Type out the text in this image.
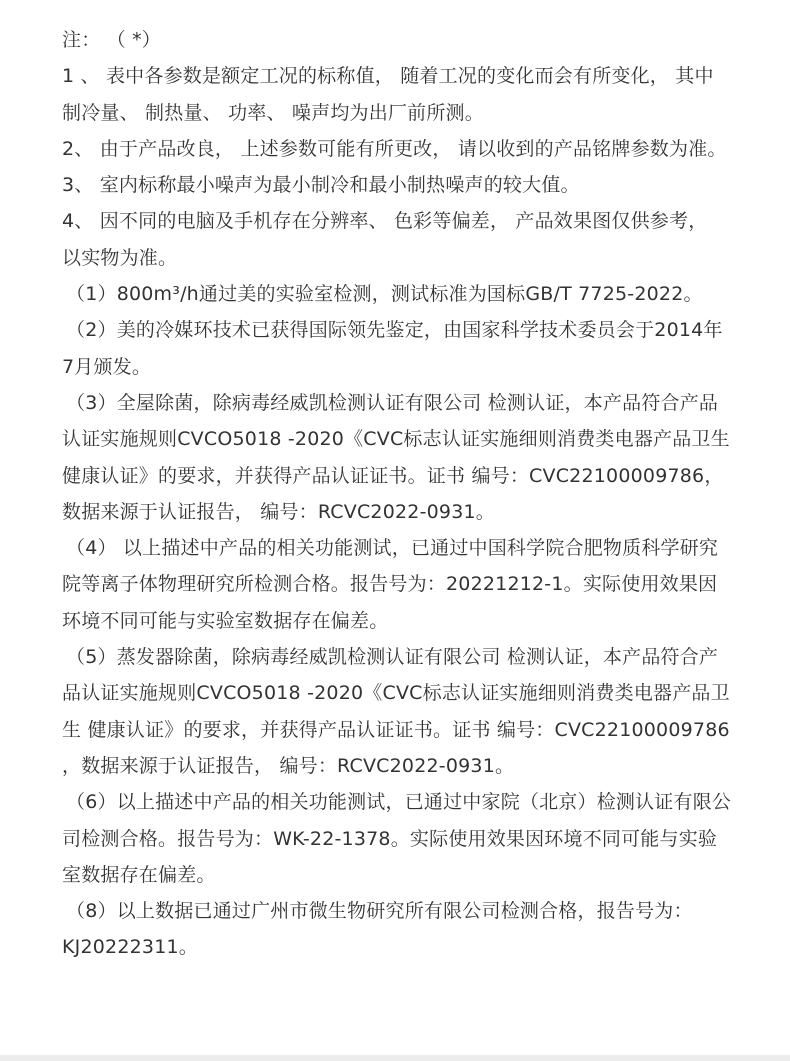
注： （ *）
1 、 表中各参数是额定工况的标称值， 随着工况的变化而会有所变化， 其中
制冷量、 制热量、 功率、 噪声均为出厂前所测。
2、 由于产品改良， 上述参数可能有所更改， 请以收到的产品铭牌参数为准。
3、 室内标称最小噪声为最小制冷和最小制热噪声的较大值。
4、 因不同的电脑及手机存在分辨率、 色彩等偏差， 产品效果图仅供参考，
以实物为准。
（1）800m³/h通过美的实验室检测，测试标准为国标GB/T 7725-2022。
（2）美的冷媒环技术已获得国际领先鉴定，由国家科学技术委员会于2014年
7月颁发。
（3）全屋除菌，除病毒经威凯检测认证有限公司 检测认证，本产品符合产品
认证实施规则CVCO5018 -2020《CVC标志认证实施细则消费类电器产品卫生
健康认证》的要求，并获得产品认证证书。证书 编号：CVC22100009786，
数据来源于认证报告， 编号：RCVC2022-0931。
（4） 以上描述中产品的相关功能测试，已通过中国科学院合肥物质科学研究
院等离子体物理研究所检测合格。报告号为：20221212-1。实际使用效果因
环境不同可能与实验室数据存在偏差。
（5）蒸发器除菌，除病毒经威凯检测认证有限公司 检测认证，本产品符合产
品认证实施规则CVCO5018 -2020《CVC标志认证实施细则消费类电器产品卫
生 健康认证》的要求，并获得产品认证证书。证书 编号：CVC22100009786
，数据来源于认证报告， 编号：RCVC2022-0931。
（6）以上描述中产品的相关功能测试，已通过中家院（北京）检测认证有限公
司检测合格。报告号为：WK-22-1378。实际使用效果因环境不同可能与实验
室数据存在偏差。
（8）以上数据已通过广州市微生物研究所有限公司检测合格，报告号为：
KJ20222311。
